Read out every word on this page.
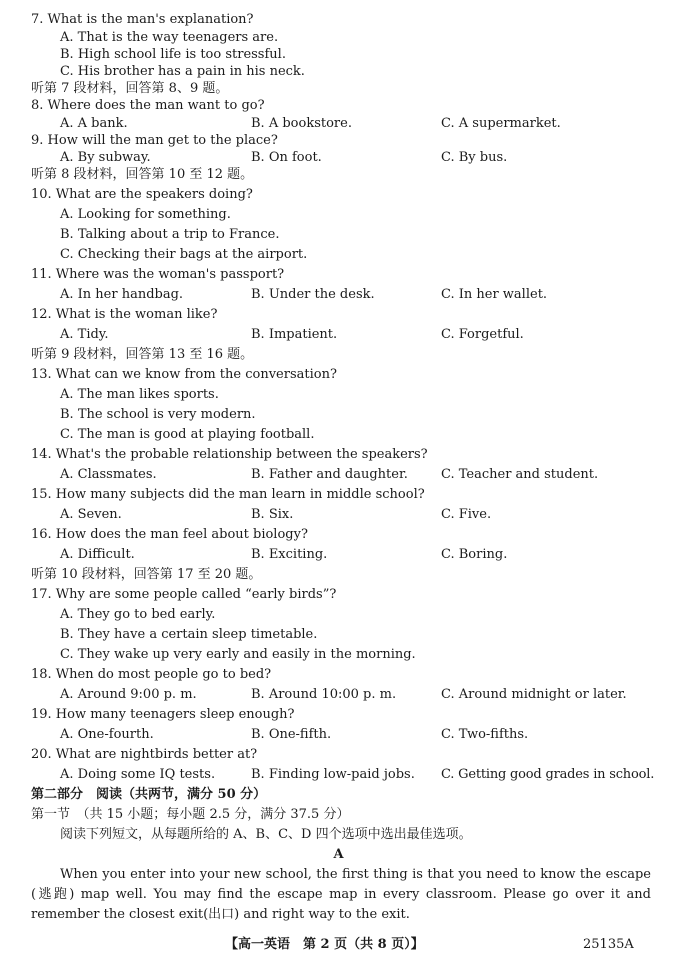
7. What is the man's explanation?
A. That is the way teenagers are.
B. High school life is too stressful.
C. His brother has a pain in his neck.
听第 7 段材料，回答第 8、9 题。
8. Where does the man want to go?
A. A bank.	B. A bookstore.	C. A supermarket.
9. How will the man get to the place?
A. By subway.	B. On foot.	C. By bus.
听第 8 段材料，回答第 10 至 12 题。
10. What are the speakers doing?
A. Looking for something.
B. Talking about a trip to France.
C. Checking their bags at the airport.
11. Where was the woman's passport?
A. In her handbag.	B. Under the desk.	C. In her wallet.
12. What is the woman like?
A. Tidy.	B. Impatient.	C. Forgetful.
听第 9 段材料，回答第 13 至 16 题。
13. What can we know from the conversation?
A. The man likes sports.
B. The school is very modern.
C. The man is good at playing football.
14. What's the probable relationship between the speakers?
A. Classmates.	B. Father and daughter.	C. Teacher and student.
15. How many subjects did the man learn in middle school?
A. Seven.	B. Six.	C. Five.
16. How does the man feel about biology?
A. Difficult.	B. Exciting.	C. Boring.
听第 10 段材料，回答第 17 至 20 题。
17. Why are some people called “early birds”?
A. They go to bed early.
B. They have a certain sleep timetable.
C. They wake up very early and easily in the morning.
18. When do most people go to bed?
A. Around 9:00 p. m.	B. Around 10:00 p. m.	C. Around midnight or later.
19. How many teenagers sleep enough?
A. One-fourth.	B. One-fifth.	C. Two-fifths.
20. What are nightbirds better at?
A. Doing some IQ tests.	B. Finding low-paid jobs. C. Getting good grades in school.
第二部分　阅读（共两节，满分 50 分）
第一节　（共 15 小题；每小题 2.5 分，满分 37.5 分）
阅读下列短文，从每题所给的 A、B、C、D 四个选项中选出最佳选项。
A
When you enter into your new school, the first thing is that you need to know the escape (逃跑) map well. You may find the escape map in every classroom. Please go over it and remember the closest exit(出口) and right way to the exit.
【高一英语　第 2 页（共 8 页）】	25135A
